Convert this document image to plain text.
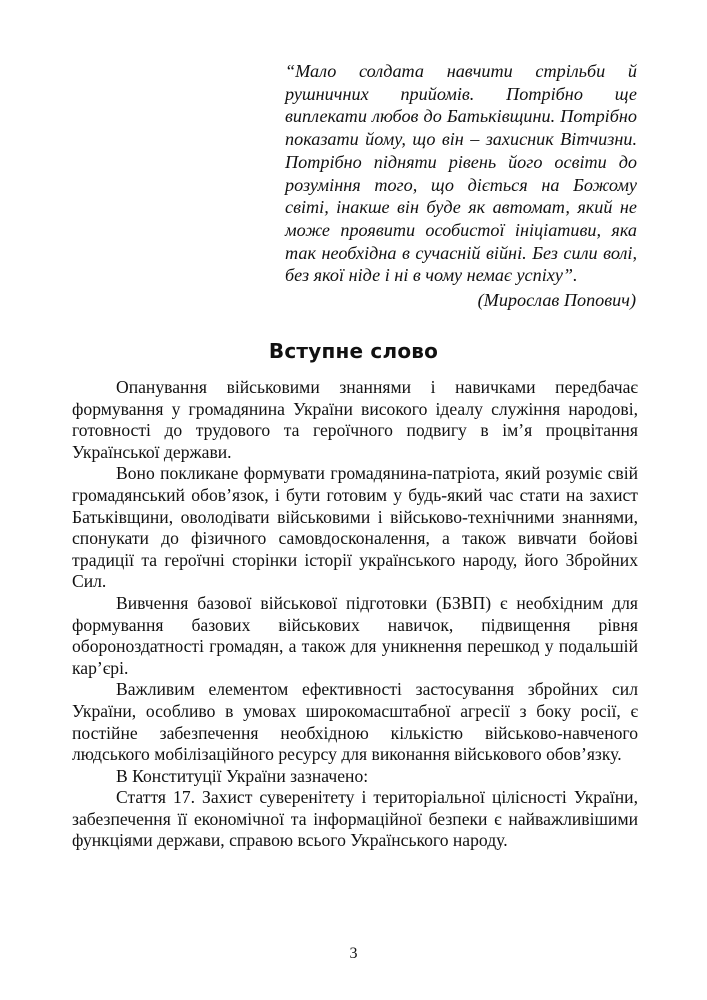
“Мало солдата навчити стрільби й рушничних прийомів. Потрібно ще виплекати любов до Батьківщини. Потрібно показати йому, що він – захисник Вітчизни. Потрібно підняти рівень його освіти до розуміння того, що діється на Божому світі, інакше він буде як автомат, який не може проявити особистої ініціативи, яка так необхідна в сучасній війні. Без сили волі, без якої ніде і ні в чому немає успіху”.

(Мирослав Попович)

Вступне слово

Опанування військовими знаннями і навичками передбачає формування у громадянина України високого ідеалу служіння народові, готовності до трудового та героїчного подвигу в ім’я процвітання Української держави.

Воно покликане формувати громадянина-патріота, який розуміє свій громадянський обов’язок, і бути готовим у будь-який час стати на захист Батьківщини, оволодівати військовими і військово-технічними знаннями, спонукати до фізичного самовдосконалення, а також вивчати бойові традиції та героїчні сторінки історії українського народу, його Збройних Сил.

Вивчення базової військової підготовки (БЗВП) є необхідним для формування базових військових навичок, підвищення рівня обороноздатності громадян, а також для уникнення перешкод у подальшій кар’єрі.

Важливим елементом ефективності застосування збройних сил України, особливо в умовах широкомасштабної агресії з боку росії, є постійне забезпечення необхідною кількістю військово-навченого людського мобілізаційного ресурсу для виконання військового обов’язку.

В Конституції України зазначено:

Стаття 17. Захист суверенітету і територіальної цілісності України, забезпечення її економічної та інформаційної безпеки є найважливішими функціями держави, справою всього Українського народу.

3
